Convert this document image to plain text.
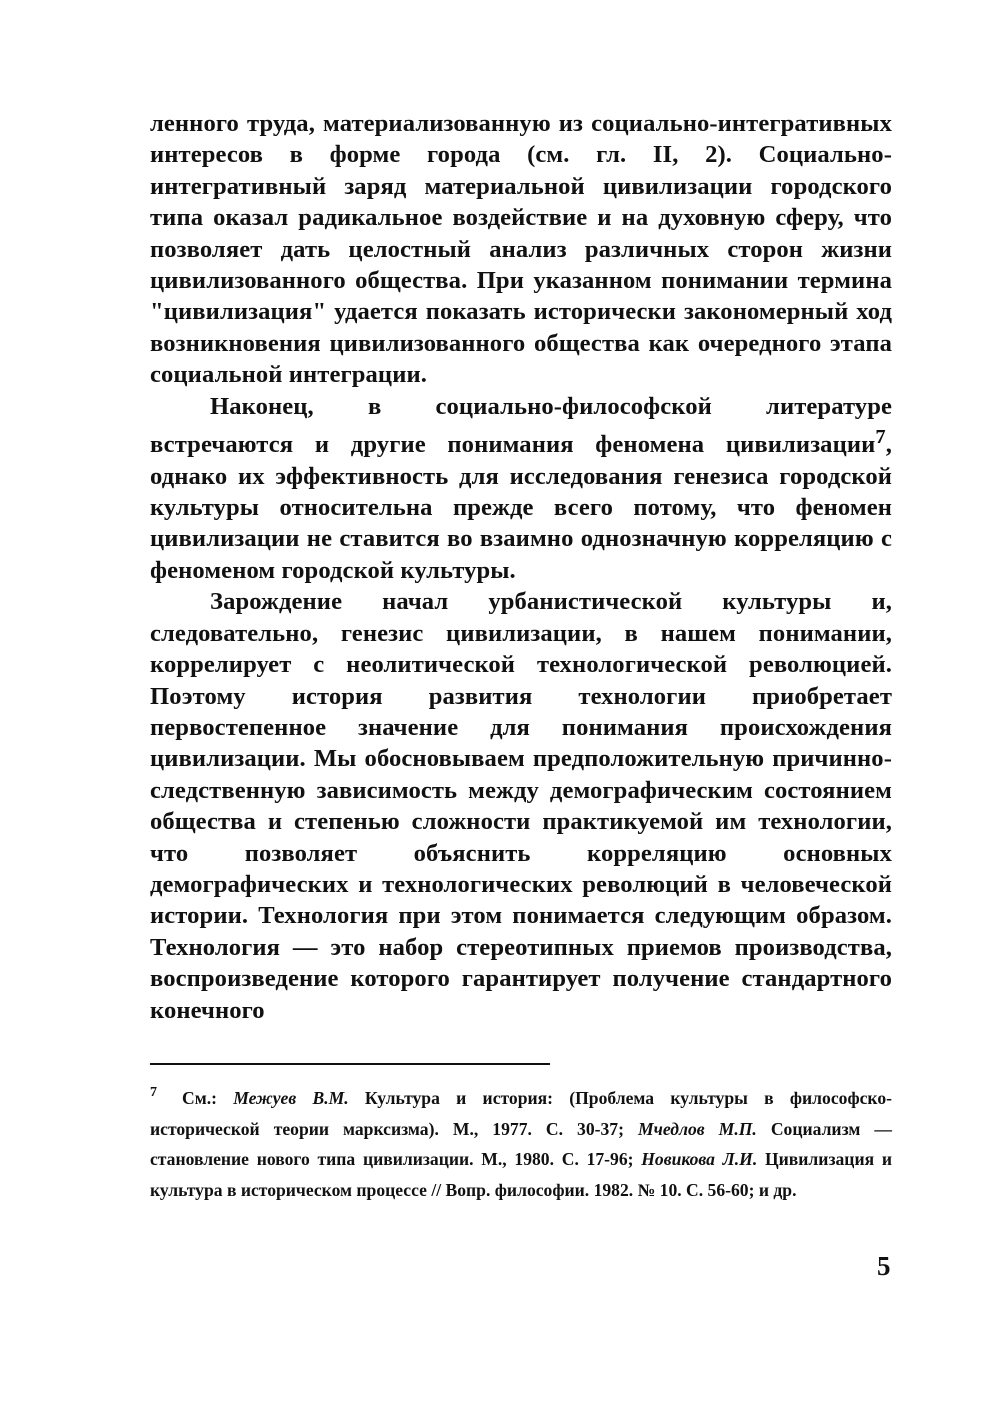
ленного труда, материализованную из социально-интегративных интересов в форме города (см. гл. II, 2). Социально-интегративный заряд материальной цивилизации городского типа оказал радикальное воздействие и на духовную сферу, что позволяет дать целостный анализ различных сторон жизни цивилизованного общества. При указанном понимании термина "цивилизация" удается показать исторически закономерный ход возникновения цивилизованного общества как очередного этапа социальной интеграции.

Наконец, в социально-философской литературе встречаются и другие понимания феномена цивилизации$^7$, однако их эффективность для исследования генезиса городской культуры относительна прежде всего потому, что феномен цивилизации не ставится во взаимно однозначную корреляцию с феноменом городской культуры.

Зарождение начал урбанистической культуры и, следовательно, генезис цивилизации, в нашем понимании, коррелирует с неолитической технологической революцией. Поэтому история развития технологии приобретает первостепенное значение для понимания происхождения цивилизации. Мы обосновываем предположительную причинно-следственную зависимость между демографическим состоянием общества и степенью сложности практикуемой им технологии, что позволяет объяснить корреляцию основных демографических и технологических революций в человеческой истории. Технология при этом понимается следующим образом. Технология — это набор стереотипных приемов производства, воспроизведение которого гарантирует получение стандартного конечного

7 См.: Межуев В.М. Культура и история: (Проблема культуры в философско-исторической теории марксизма). М., 1977. С. 30-37; Мчедлов М.П. Социализм — становление нового типа цивилизации. М., 1980. С. 17-96; Новикова Л.И. Цивилизация и культура в историческом процессе // Вопр. философии. 1982. № 10. С. 56-60; и др.
5
